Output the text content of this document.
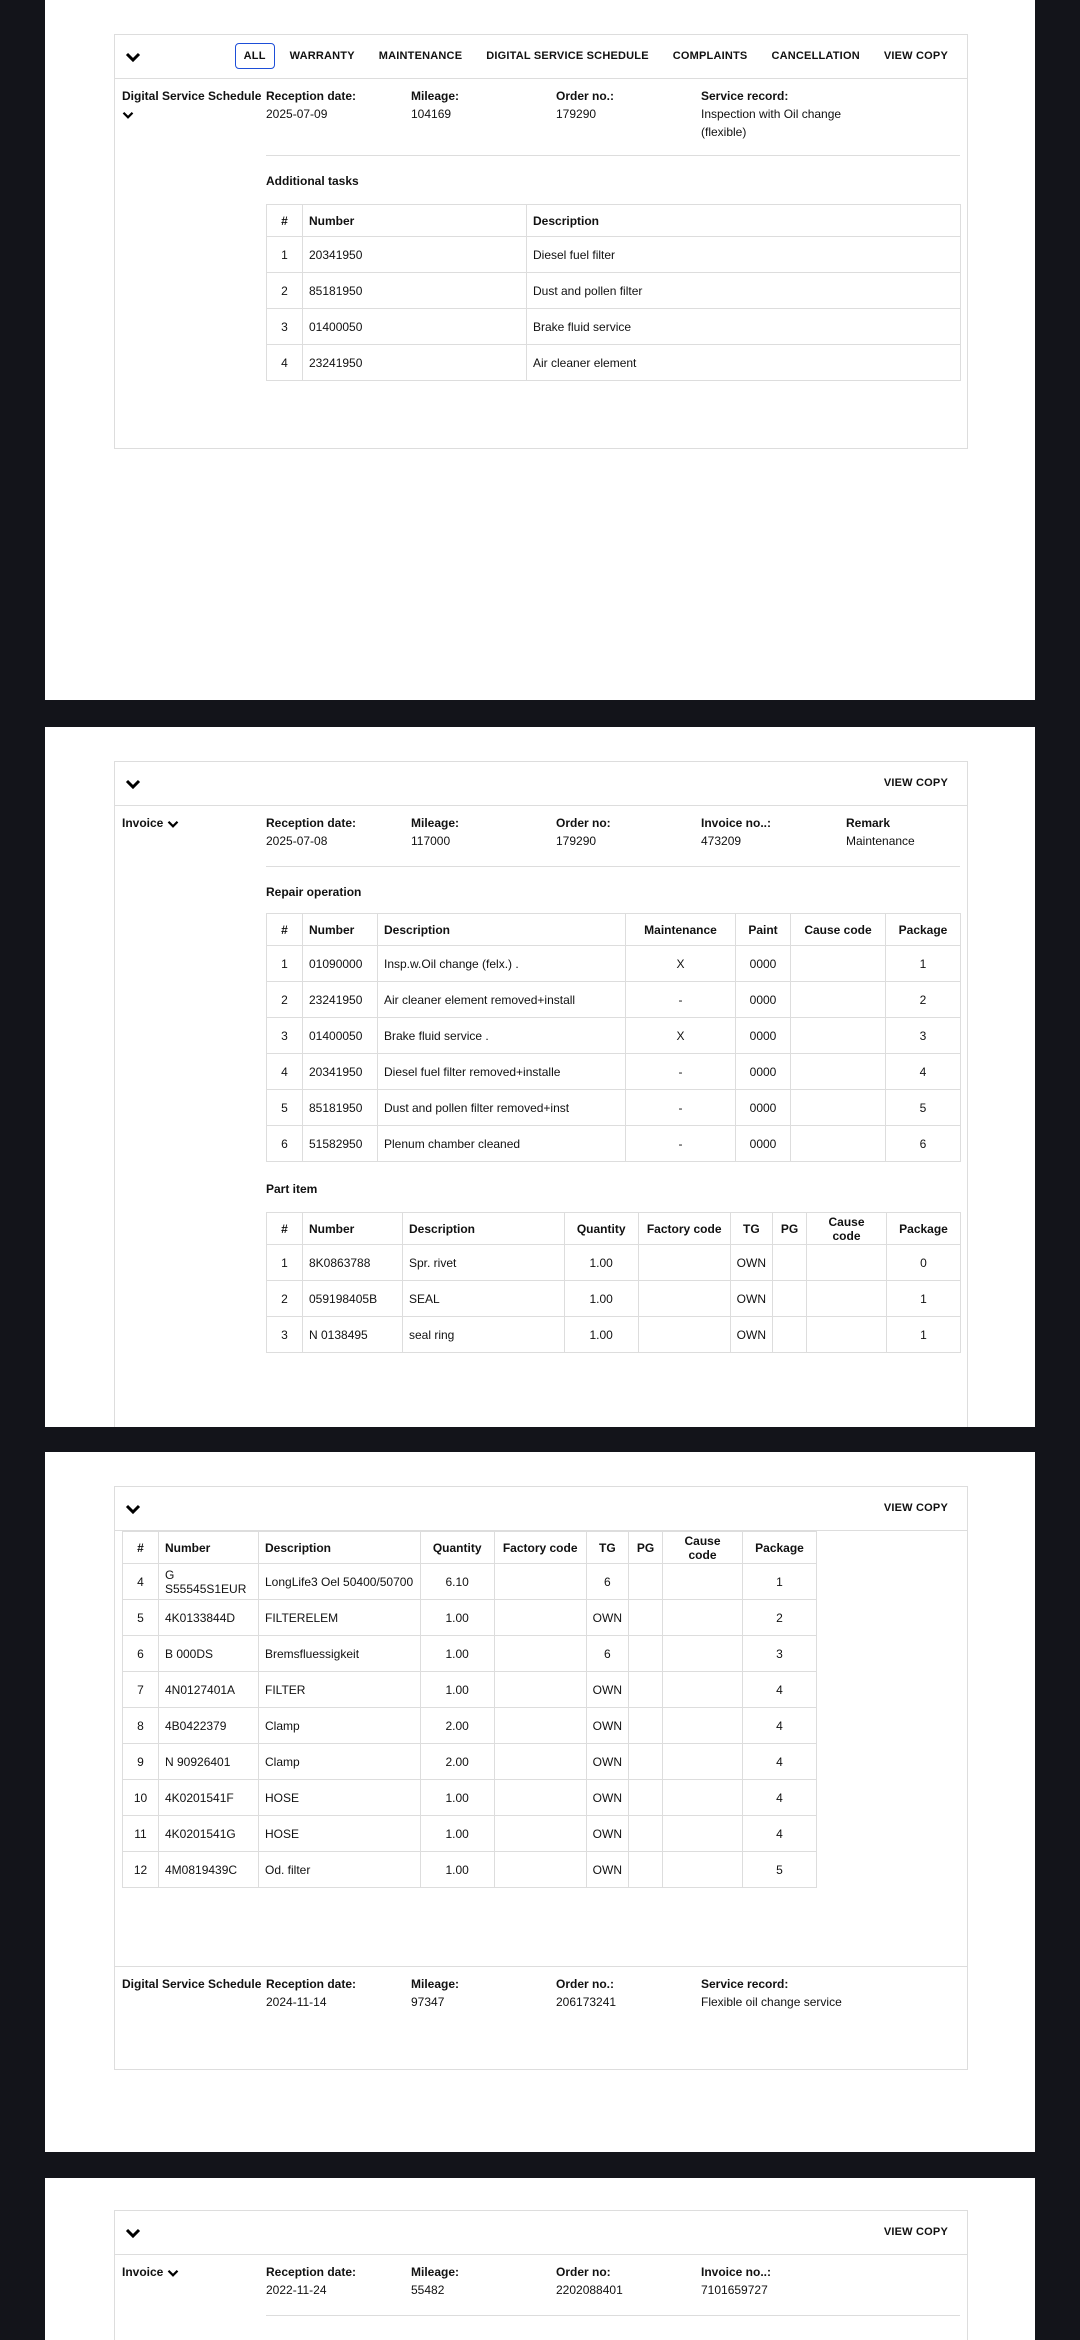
ALL	WARRANTY	MAINTENANCE	DIGITAL SERVICE SCHEDULE	COMPLAINTS	CANCELLATION	VIEW COPY
Digital Service Schedule Reception date:
2025-07-09
Mileage:
104169
Order no.:
179290
Service record:
Inspection with Oil change (flexible)
Additional tasks
#	Number	Description
1	20341950	Diesel fuel filter
2	85181950	Dust and pollen filter
3	01400050	Brake fluid service
4	23241950	Air cleaner element
VIEW COPY
Invoice	Reception date:
2025-07-08
Mileage:
117000
Order no:
179290
Invoice no..:
473209
Remark
Maintenance
Repair operation
#	Number	Description	Maintenance	Paint	Cause code	Package
1	01090000	Insp.w.Oil change (felx.) .	X	0000		1
2	23241950	Air cleaner element removed+install	-	0000		2
3	01400050	Brake fluid service .	X	0000		3
4	20341950	Diesel fuel filter removed+installe	-	0000		4
5	85181950	Dust and pollen filter removed+inst	-	0000		5
6	51582950	Plenum chamber cleaned	-	0000		6
Part item
#	Number	Description	Quantity	Factory code	TG	PG	Cause code	Package
1	8K0863788	Spr. rivet	1.00		OWN			0
2	059198405B	SEAL	1.00		OWN			1
3	N 0138495	seal ring	1.00		OWN			1
VIEW COPY
#	Number	Description	Quantity	Factory code	TG	PG	Cause code	Package
4	G S55545S1EUR	LongLife3 Oel 50400/50700	6.10		6			1
5	4K0133844D	FILTERELEM	1.00		OWN			2
6	B 000DS	Bremsfluessigkeit	1.00		6			3
7	4N0127401A	FILTER	1.00		OWN			4
8	4B0422379	Clamp	2.00		OWN			4
9	N 90926401	Clamp	2.00		OWN			4
10	4K0201541F	HOSE	1.00		OWN			4
11	4K0201541G	HOSE	1.00		OWN			4
12	4M0819439C	Od. filter	1.00		OWN			5
Digital Service Schedule Reception date:
2024-11-14
Mileage:
97347
Order no.:
206173241
Service record:
Flexible oil change service
VIEW COPY
Invoice	Reception date:
2022-11-24
Mileage:
55482
Order no:
2202088401
Invoice no..:
7101659727
